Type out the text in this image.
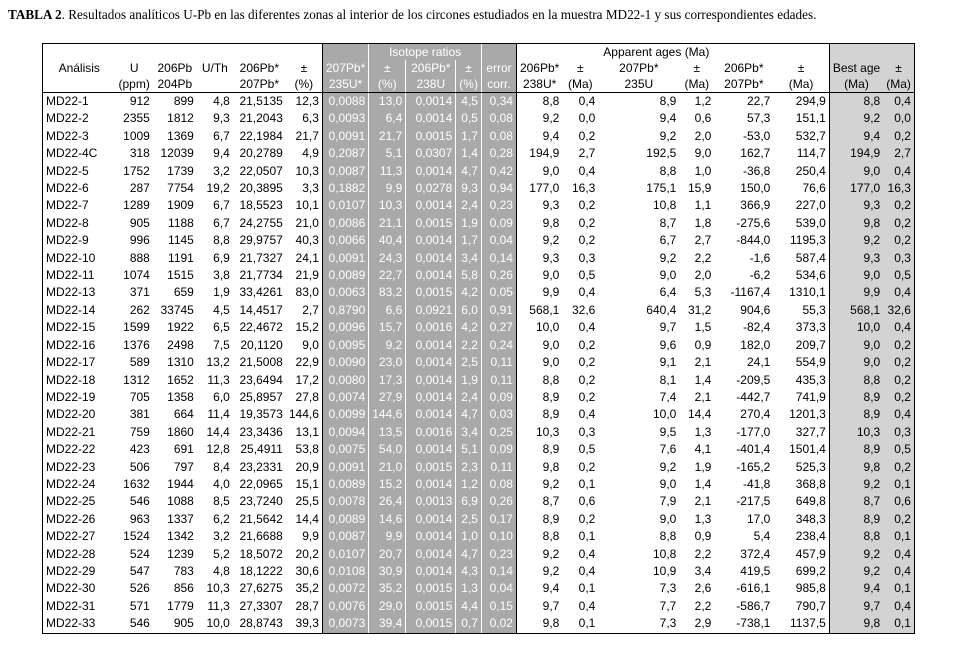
TABLA 2. Resultados analíticos U-Pb en las diferentes zonas al interior de los circones estudiados en la muestra MD22-1 y sus correspondientes edades.
							Isotope ratios						Apparent ages (Ma)					
Análisis	U	206Pb	U/Th	206Pb*	±	207Pb*	±	206Pb*	±	error	206Pb*	±	207Pb*	±	206Pb*	±	Best age	±
	(ppm)	204Pb		207Pb*	(%)	235U*	(%)	238U	(%)	corr.	238U*	(Ma)	235U	(Ma)	207Pb*	(Ma)	(Ma)	(Ma)
MD22-1	912	899	4,8	21,5135	12,3	0,0088	13,0	0,0014	4,5	0,34	8,8	0,4	8,9	1,2	22,7	294,9	8,8	0,4
MD22-2	2355	1812	9,3	21,2043	6,3	0,0093	6,4	0,0014	0,5	0,08	9,2	0,0	9,4	0,6	57,3	151,1	9,2	0,0
MD22-3	1009	1369	6,7	22,1984	21,7	0,0091	21,7	0,0015	1,7	0,08	9,4	0,2	9,2	2,0	-53,0	532,7	9,4	0,2
MD22-4C	318	12039	9,4	20,2789	4,9	0,2087	5,1	0,0307	1,4	0,28	194,9	2,7	192,5	9,0	162,7	114,7	194,9	2,7
MD22-5	1752	1739	3,2	22,0507	10,3	0,0087	11,3	0,0014	4,7	0,42	9,0	0,4	8,8	1,0	-36,8	250,4	9,0	0,4
MD22-6	287	7754	19,2	20,3895	3,3	0,1882	9,9	0,0278	9,3	0,94	177,0	16,3	175,1	15,9	150,0	76,6	177,0	16,3
MD22-7	1289	1909	6,7	18,5523	10,1	0,0107	10,3	0,0014	2,4	0,23	9,3	0,2	10,8	1,1	366,9	227,0	9,3	0,2
MD22-8	905	1188	6,7	24,2755	21,0	0,0086	21,1	0,0015	1,9	0,09	9,8	0,2	8,7	1,8	-275,6	539,0	9,8	0,2
MD22-9	996	1145	8,8	29,9757	40,3	0,0066	40,4	0,0014	1,7	0,04	9,2	0,2	6,7	2,7	-844,0	1195,3	9,2	0,2
MD22-10	888	1191	6,9	21,7327	24,1	0,0091	24,3	0,0014	3,4	0,14	9,3	0,3	9,2	2,2	-1,6	587,4	9,3	0,3
MD22-11	1074	1515	3,8	21,7734	21,9	0,0089	22,7	0,0014	5,8	0,26	9,0	0,5	9,0	2,0	-6,2	534,6	9,0	0,5
MD22-13	371	659	1,9	33,4261	83,0	0,0063	83,2	0,0015	4,2	0,05	9,9	0,4	6,4	5,3	-1167,4	1310,1	9,9	0,4
MD22-14	262	33745	4,5	14,4517	2,7	0,8790	6,6	0,0921	6,0	0,91	568,1	32,6	640,4	31,2	904,6	55,3	568,1	32,6
MD22-15	1599	1922	6,5	22,4672	15,2	0,0096	15,7	0,0016	4,2	0,27	10,0	0,4	9,7	1,5	-82,4	373,3	10,0	0,4
MD22-16	1376	2498	7,5	20,1120	9,0	0,0095	9,2	0,0014	2,2	0,24	9,0	0,2	9,6	0,9	182,0	209,7	9,0	0,2
MD22-17	589	1310	13,2	21,5008	22,9	0,0090	23,0	0,0014	2,5	0,11	9,0	0,2	9,1	2,1	24,1	554,9	9,0	0,2
MD22-18	1312	1652	11,3	23,6494	17,2	0,0080	17,3	0,0014	1,9	0,11	8,8	0,2	8,1	1,4	-209,5	435,3	8,8	0,2
MD22-19	705	1358	6,0	25,8957	27,8	0,0074	27,9	0,0014	2,4	0,09	8,9	0,2	7,4	2,1	-442,7	741,9	8,9	0,2
MD22-20	381	664	11,4	19,3573	144,6	0,0099	144,6	0,0014	4,7	0,03	8,9	0,4	10,0	14,4	270,4	1201,3	8,9	0,4
MD22-21	759	1860	14,4	23,3436	13,1	0,0094	13,5	0,0016	3,4	0,25	10,3	0,3	9,5	1,3	-177,0	327,7	10,3	0,3
MD22-22	423	691	12,8	25,4911	53,8	0,0075	54,0	0,0014	5,1	0,09	8,9	0,5	7,6	4,1	-401,4	1501,4	8,9	0,5
MD22-23	506	797	8,4	23,2331	20,9	0,0091	21,0	0,0015	2,3	0,11	9,8	0,2	9,2	1,9	-165,2	525,3	9,8	0,2
MD22-24	1632	1944	4,0	22,0965	15,1	0,0089	15,2	0,0014	1,2	0,08	9,2	0,1	9,0	1,4	-41,8	368,8	9,2	0,1
MD22-25	546	1088	8,5	23,7240	25,5	0,0078	26,4	0,0013	6,9	0,26	8,7	0,6	7,9	2,1	-217,5	649,8	8,7	0,6
MD22-26	963	1337	6,2	21,5642	14,4	0,0089	14,6	0,0014	2,5	0,17	8,9	0,2	9,0	1,3	17,0	348,3	8,9	0,2
MD22-27	1524	1342	3,2	21,6688	9,9	0,0087	9,9	0,0014	1,0	0,10	8,8	0,1	8,8	0,9	5,4	238,4	8,8	0,1
MD22-28	524	1239	5,2	18,5072	20,2	0,0107	20,7	0,0014	4,7	0,23	9,2	0,4	10,8	2,2	372,4	457,9	9,2	0,4
MD22-29	547	783	4,8	18,1222	30,6	0,0108	30,9	0,0014	4,3	0,14	9,2	0,4	10,9	3,4	419,5	699,2	9,2	0,4
MD22-30	526	856	10,3	27,6275	35,2	0,0072	35,2	0,0015	1,3	0,04	9,4	0,1	7,3	2,6	-616,1	985,8	9,4	0,1
MD22-31	571	1779	11,3	27,3307	28,7	0,0076	29,0	0,0015	4,4	0,15	9,7	0,4	7,7	2,2	-586,7	790,7	9,7	0,4
MD22-33	546	905	10,0	28,8743	39,3	0,0073	39,4	0,0015	0,7	0,02	9,8	0,1	7,3	2,9	-738,1	1137,5	9,8	0,1
